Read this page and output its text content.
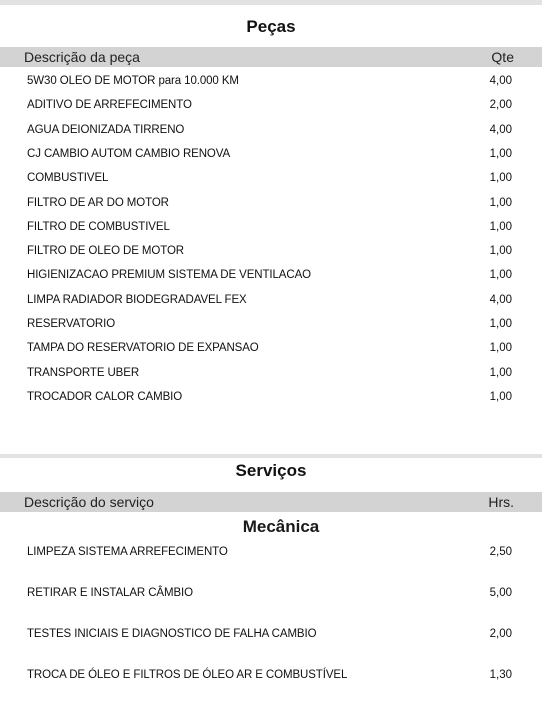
Peças
Descrição da peça	Qte
5W30 OLEO DE MOTOR para 10.000 KM	4,00
ADITIVO DE ARREFECIMENTO	2,00
AGUA DEIONIZADA TIRRENO	4,00
CJ CAMBIO AUTOM CAMBIO RENOVA	1,00
COMBUSTIVEL	1,00
FILTRO DE AR DO MOTOR	1,00
FILTRO DE COMBUSTIVEL	1,00
FILTRO DE OLEO DE MOTOR	1,00
HIGIENIZACAO PREMIUM SISTEMA DE VENTILACAO	1,00
LIMPA RADIADOR BIODEGRADAVEL FEX	4,00
RESERVATORIO	1,00
TAMPA DO RESERVATORIO DE EXPANSAO	1,00
TRANSPORTE UBER	1,00
TROCADOR CALOR CAMBIO	1,00
Serviços
Descrição do serviço	Hrs.
Mecânica
LIMPEZA SISTEMA ARREFECIMENTO	2,50
RETIRAR E INSTALAR CÂMBIO	5,00
TESTES INICIAIS E DIAGNOSTICO DE FALHA CAMBIO	2,00
TROCA DE ÓLEO E FILTROS DE ÓLEO AR E COMBUSTÍVEL	1,30
